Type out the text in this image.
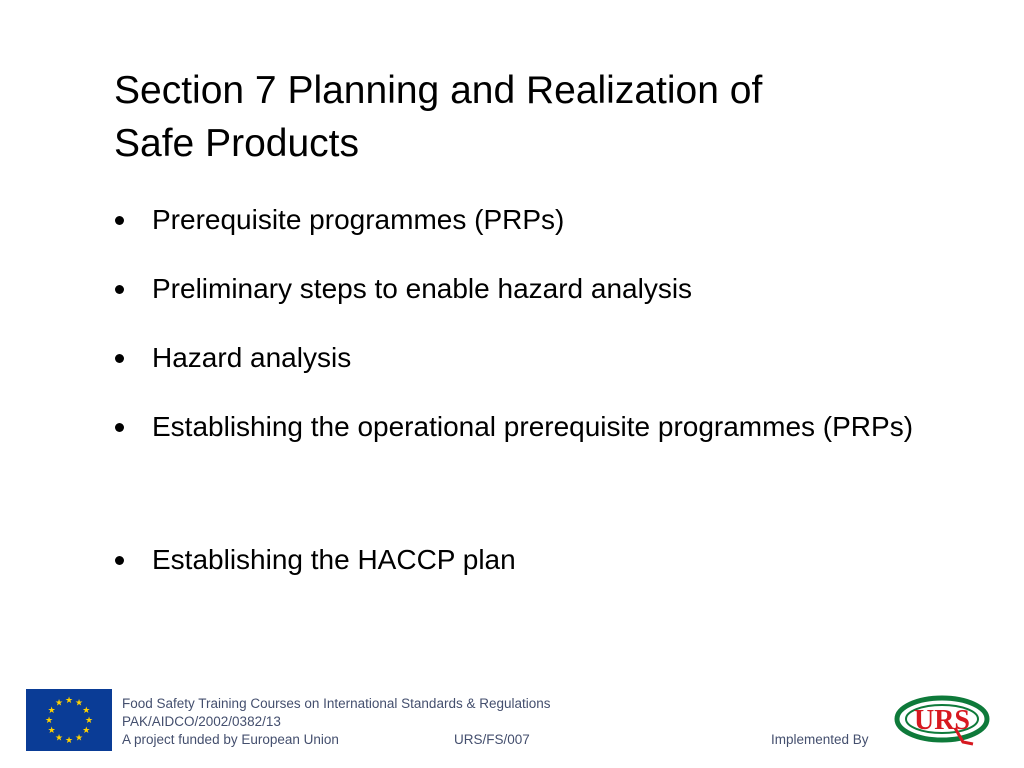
Section 7 Planning and Realization of
Safe Products
Prerequisite programmes (PRPs)
Preliminary steps to enable hazard analysis
Hazard analysis
Establishing the operational prerequisite programmes (PRPs)
Establishing the HACCP plan
★ ★
★
★
★
★
★
★
★
★
★
★	Food Safety Training Courses on International Standards & Regulations
PAK/AIDCO/2002/0382/13
A project funded by European Union	URS/FS/007	Implemented By
URS
